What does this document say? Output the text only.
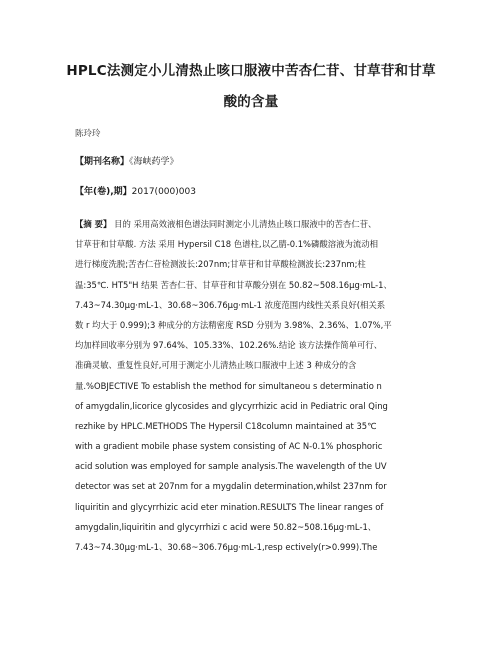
HPLC法测定小儿清热止咳口服液中苦杏仁苷、甘草苷和甘草
酸的含量
陈玲玲
【期刊名称】《海峡药学》
【年(卷),期】2017(000)003
【摘 要】 目的 采用高效液相色谱法同时测定小儿清热止咳口服液中的苦杏仁苷、
甘草苷和甘草酸. 方法 采用 Hypersil C18 色谱柱,以乙腈-0.1%磷酸溶液为流动相
进行梯度洗脱;苦杏仁苷检测波长:207nm;甘草苷和甘草酸检测波长:237nm;柱
温:35℃. HT5"H 结果 苦杏仁苷、甘草苷和甘草酸分别在 50.82~508.16μg·mL-1、
7.43~74.30μg·mL-1、30.68~306.76μg·mL-1 浓度范围内线性关系良好(相关系
数 r 均大于 0.999);3 种成分的方法精密度 RSD 分别为 3.98%、2.36%、1.07%,平
均加样回收率分别为 97.64%、105.33%、102.26%.结论 该方法操作简单可行、
准确灵敏、重复性良好,可用于测定小儿清热止咳口服液中上述 3 种成分的含
量.%OBJECTIVE To establish the method for simultaneou s determinatio n
of amygdalin,licorice glycosides and glycyrrhizic acid in Pediatric oral Qing
rezhike by HPLC.METHODS The Hypersil C18column maintained at 35℃
with a gradient mobile phase system consisting of AC N-0.1% phosphoric
acid solution was employed for sample analysis.The wavelength of the UV
detector was set at 207nm for a mygdalin determination,whilst 237nm for
liquiritin and glycyrrhizic acid eter mination.RESULTS The linear ranges of
amygdalin,liquiritin and glycyrrhizi c acid were 50.82~508.16μg·mL-1、
7.43~74.30μg·mL-1、30.68~306.76μg·mL-1,resp ectively(r>0.999).The
